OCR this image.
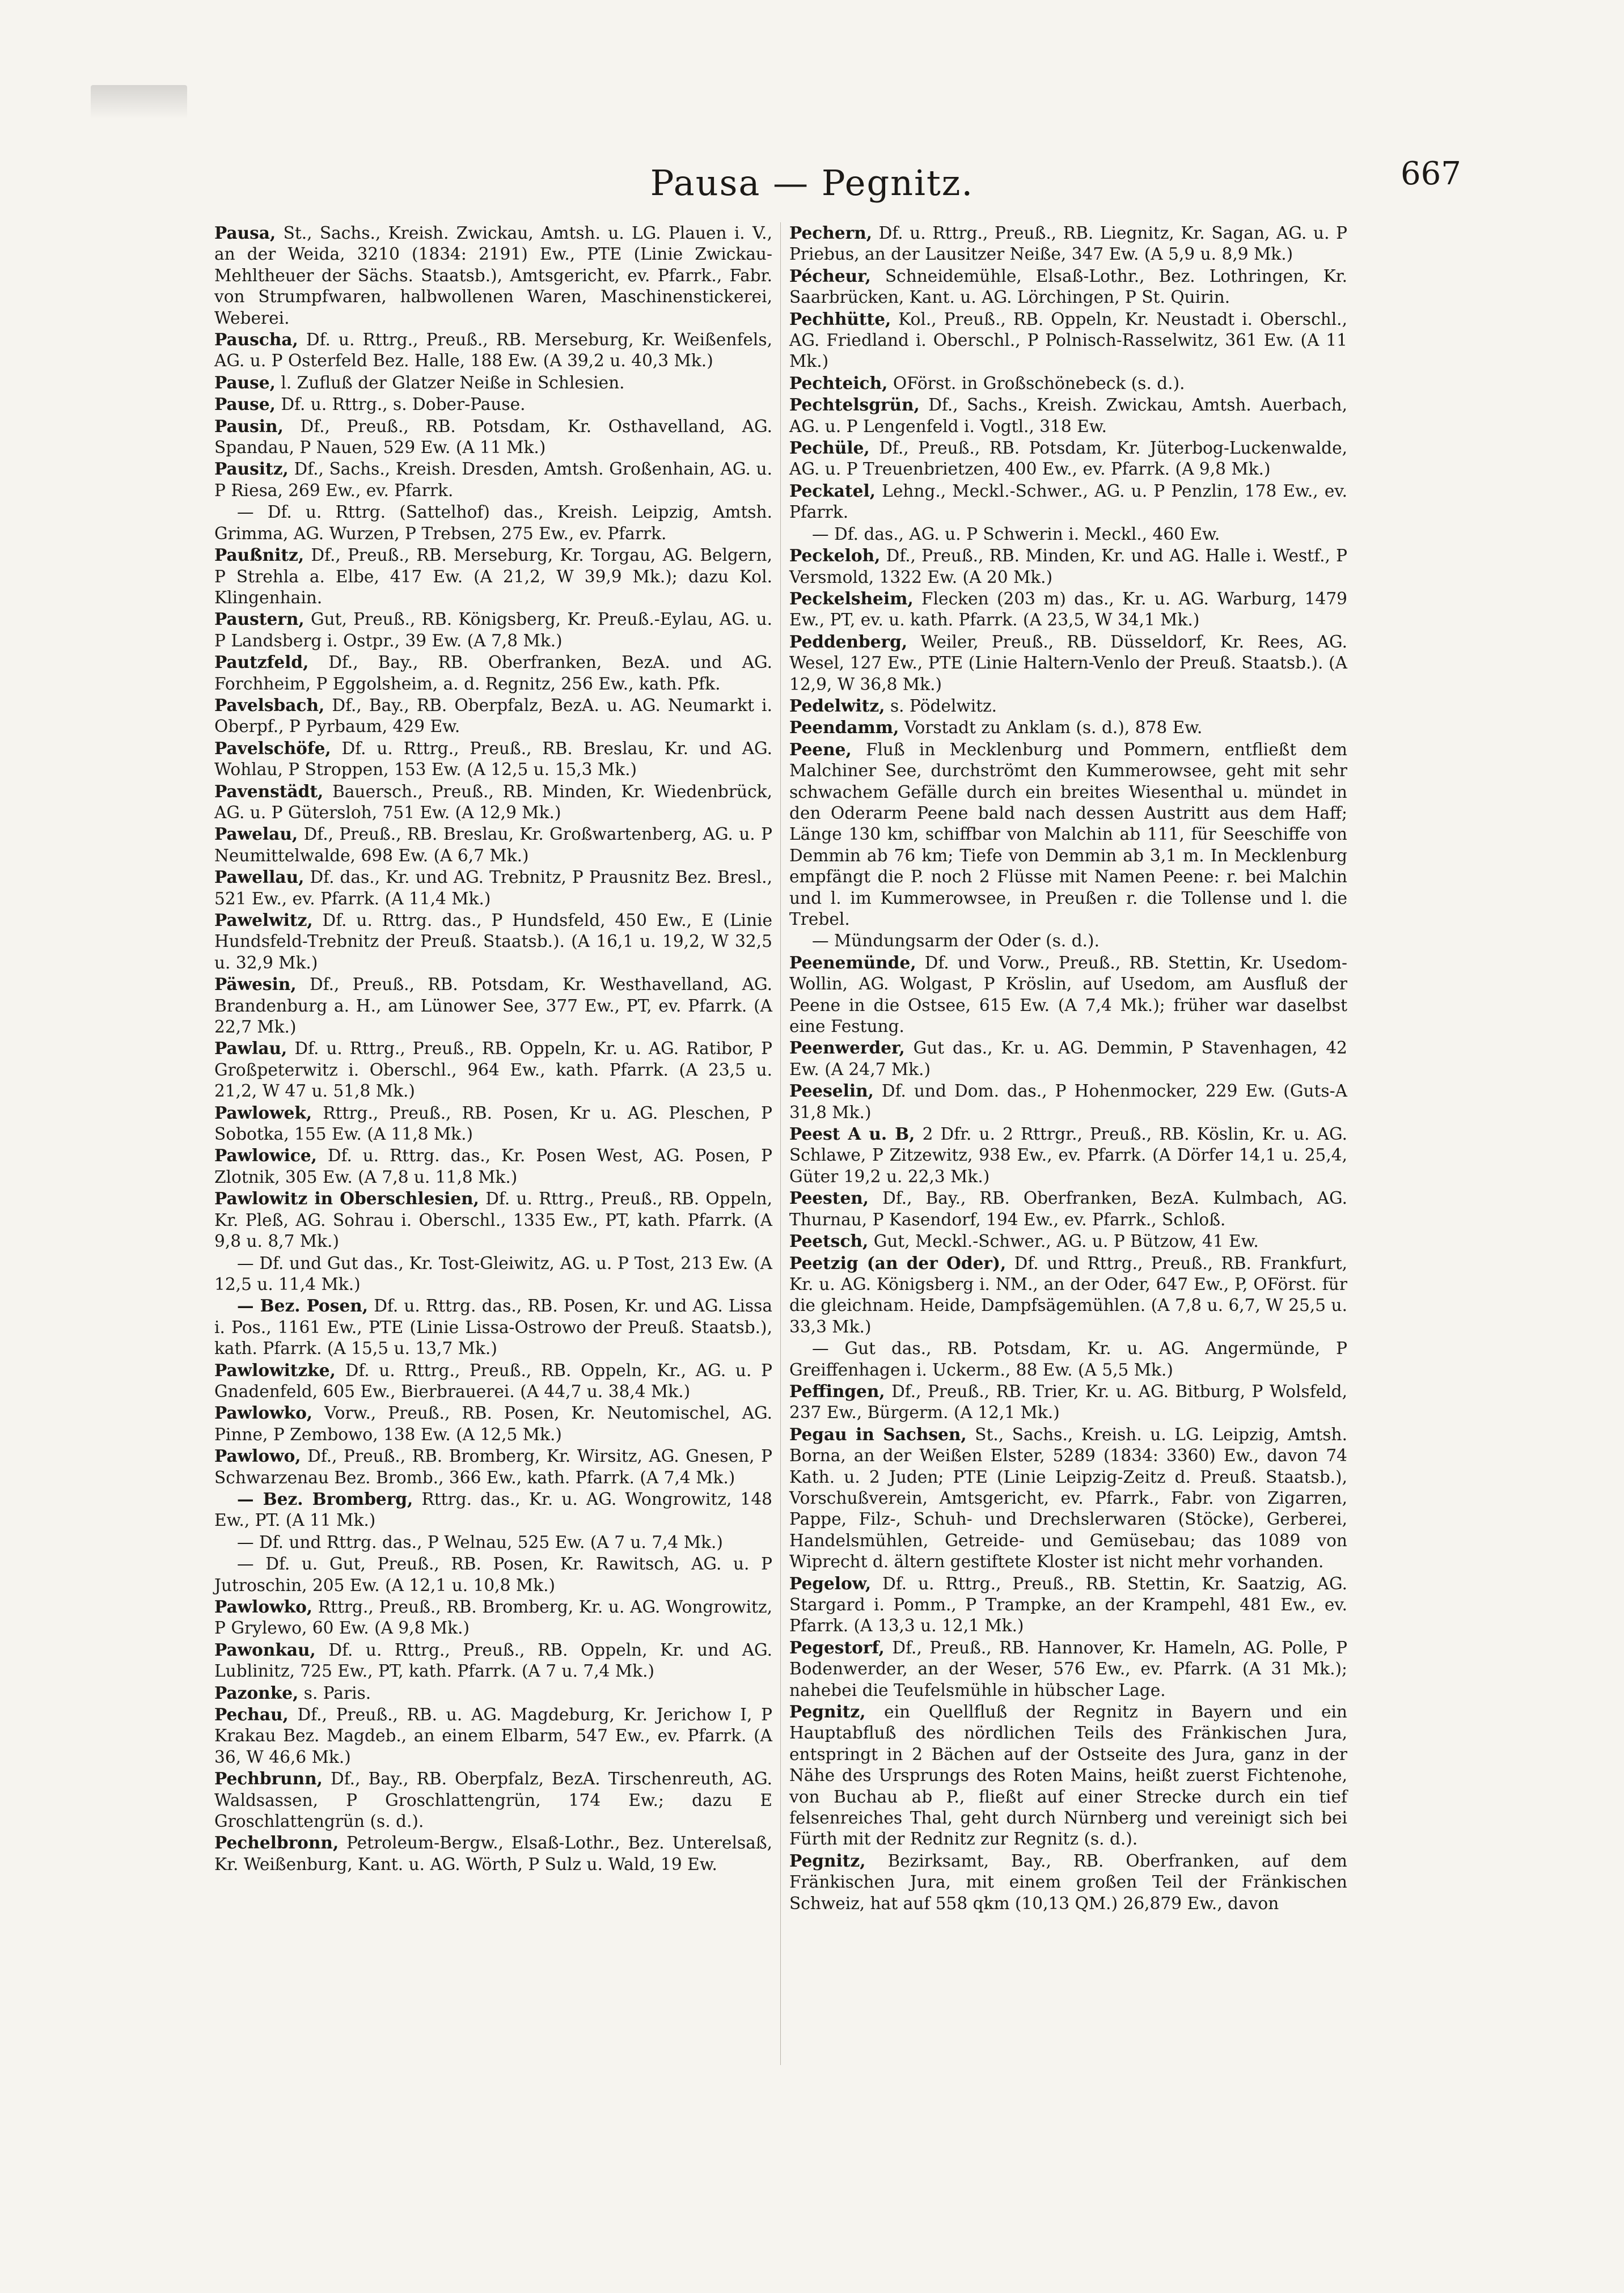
Pausa — Pegnitz.	667

Pausa, St., Sachs., Kreish. Zwickau, Amtsh. u. LG. Plauen i. V., an der Weida, 3210 (1834: 2191) Ew., PTE (Linie Zwickau-Mehltheuer der Sächs. Staatsb.), Amtsgericht, ev. Pfarrk., Fabr. von Strumpfwaren, halbwollenen Waren, Maschinenstickerei, Weberei.

Pauscha, Df. u. Rttrg., Preuß., RB. Merseburg, Kr. Weißenfels, AG. u. P Osterfeld Bez. Halle, 188 Ew. (A 39,2 u. 40,3 Mk.)

Pause, l. Zufluß der Glatzer Neiße in Schlesien.

Pause, Df. u. Rttrg., s. Dober-Pause.

Pausin, Df., Preuß., RB. Potsdam, Kr. Osthavelland, AG. Spandau, P Nauen, 529 Ew. (A 11 Mk.)

Pausitz, Df., Sachs., Kreish. Dresden, Amtsh. Großenhain, AG. u. P Riesa, 269 Ew., ev. Pfarrk.

— Df. u. Rttrg. (Sattelhof) das., Kreish. Leipzig, Amtsh. Grimma, AG. Wurzen, P Trebsen, 275 Ew., ev. Pfarrk.

Paußnitz, Df., Preuß., RB. Merseburg, Kr. Torgau, AG. Belgern, P Strehla a. Elbe, 417 Ew. (A 21,2, W 39,9 Mk.); dazu Kol. Klingenhain.

Paustern, Gut, Preuß., RB. Königsberg, Kr. Preuß.-Eylau, AG. u. P Landsberg i. Ostpr., 39 Ew. (A 7,8 Mk.)

Pautzfeld, Df., Bay., RB. Oberfranken, BezA. und AG. Forchheim, P Eggolsheim, a. d. Regnitz, 256 Ew., kath. Pfk.

Pavelsbach, Df., Bay., RB. Oberpfalz, BezA. u. AG. Neumarkt i. Oberpf., P Pyrbaum, 429 Ew.

Pavelschöfe, Df. u. Rttrg., Preuß., RB. Breslau, Kr. und AG. Wohlau, P Stroppen, 153 Ew. (A 12,5 u. 15,3 Mk.)

Pavenstädt, Bauersch., Preuß., RB. Minden, Kr. Wiedenbrück, AG. u. P Gütersloh, 751 Ew. (A 12,9 Mk.)

Pawelau, Df., Preuß., RB. Breslau, Kr. Großwartenberg, AG. u. P Neumittelwalde, 698 Ew. (A 6,7 Mk.)

Pawellau, Df. das., Kr. und AG. Trebnitz, P Prausnitz Bez. Bresl., 521 Ew., ev. Pfarrk. (A 11,4 Mk.)

Pawelwitz, Df. u. Rttrg. das., P Hundsfeld, 450 Ew., E (Linie Hundsfeld-Trebnitz der Preuß. Staatsb.). (A 16,1 u. 19,2, W 32,5 u. 32,9 Mk.)

Päwesin, Df., Preuß., RB. Potsdam, Kr. Westhavelland, AG. Brandenburg a. H., am Lünower See, 377 Ew., PT, ev. Pfarrk. (A 22,7 Mk.)

Pawlau, Df. u. Rttrg., Preuß., RB. Oppeln, Kr. u. AG. Ratibor, P Großpeterwitz i. Oberschl., 964 Ew., kath. Pfarrk. (A 23,5 u. 21,2, W 47 u. 51,8 Mk.)

Pawlowek, Rttrg., Preuß., RB. Posen, Kr u. AG. Pleschen, P Sobotka, 155 Ew. (A 11,8 Mk.)

Pawlowice, Df. u. Rttrg. das., Kr. Posen West, AG. Posen, P Zlotnik, 305 Ew. (A 7,8 u. 11,8 Mk.)

Pawlowitz in Oberschlesien, Df. u. Rttrg., Preuß., RB. Oppeln, Kr. Pleß, AG. Sohrau i. Oberschl., 1335 Ew., PT, kath. Pfarrk. (A 9,8 u. 8,7 Mk.)

— Df. und Gut das., Kr. Tost-Gleiwitz, AG. u. P Tost, 213 Ew. (A 12,5 u. 11,4 Mk.)

— Bez. Posen, Df. u. Rttrg. das., RB. Posen, Kr. und AG. Lissa i. Pos., 1161 Ew., PTE (Linie Lissa-Ostrowo der Preuß. Staatsb.), kath. Pfarrk. (A 15,5 u. 13,7 Mk.)

Pawlowitzke, Df. u. Rttrg., Preuß., RB. Oppeln, Kr., AG. u. P Gnadenfeld, 605 Ew., Bierbrauerei. (A 44,7 u. 38,4 Mk.)

Pawlowko, Vorw., Preuß., RB. Posen, Kr. Neutomischel, AG. Pinne, P Zembowo, 138 Ew. (A 12,5 Mk.)

Pawlowo, Df., Preuß., RB. Bromberg, Kr. Wirsitz, AG. Gnesen, P Schwarzenau Bez. Bromb., 366 Ew., kath. Pfarrk. (A 7,4 Mk.)

— Bez. Bromberg, Rttrg. das., Kr. u. AG. Wongrowitz, 148 Ew., PT. (A 11 Mk.)

— Df. und Rttrg. das., P Welnau, 525 Ew. (A 7 u. 7,4 Mk.)

— Df. u. Gut, Preuß., RB. Posen, Kr. Rawitsch, AG. u. P Jutroschin, 205 Ew. (A 12,1 u. 10,8 Mk.)

Pawlowko, Rttrg., Preuß., RB. Bromberg, Kr. u. AG. Wongrowitz, P Grylewo, 60 Ew. (A 9,8 Mk.)

Pawonkau, Df. u. Rttrg., Preuß., RB. Oppeln, Kr. und AG. Lublinitz, 725 Ew., PT, kath. Pfarrk. (A 7 u. 7,4 Mk.)

Pazonke, s. Paris.

Pechau, Df., Preuß., RB. u. AG. Magdeburg, Kr. Jerichow I, P Krakau Bez. Magdeb., an einem Elbarm, 547 Ew., ev. Pfarrk. (A 36, W 46,6 Mk.)

Pechbrunn, Df., Bay., RB. Oberpfalz, BezA. Tirschenreuth, AG. Waldsassen, P Groschlattengrün, 174 Ew.; dazu E Groschlattengrün (s. d.).

Pechelbronn, Petroleum-Bergw., Elsaß-Lothr., Bez. Unterelsaß, Kr. Weißenburg, Kant. u. AG. Wörth, P Sulz u. Wald, 19 Ew.

Pechern, Df. u. Rttrg., Preuß., RB. Liegnitz, Kr. Sagan, AG. u. P Priebus, an der Lausitzer Neiße, 347 Ew. (A 5,9 u. 8,9 Mk.)

Pécheur, Schneidemühle, Elsaß-Lothr., Bez. Lothringen, Kr. Saarbrücken, Kant. u. AG. Lörchingen, P St. Quirin.

Pechhütte, Kol., Preuß., RB. Oppeln, Kr. Neustadt i. Oberschl., AG. Friedland i. Oberschl., P Polnisch-Rasselwitz, 361 Ew. (A 11 Mk.)

Pechteich, OFörst. in Großschönebeck (s. d.).

Pechtelsgrün, Df., Sachs., Kreish. Zwickau, Amtsh. Auerbach, AG. u. P Lengenfeld i. Vogtl., 318 Ew.

Pechüle, Df., Preuß., RB. Potsdam, Kr. Jüterbog-Luckenwalde, AG. u. P Treuenbrietzen, 400 Ew., ev. Pfarrk. (A 9,8 Mk.)

Peckatel, Lehng., Meckl.-Schwer., AG. u. P Penzlin, 178 Ew., ev. Pfarrk.

— Df. das., AG. u. P Schwerin i. Meckl., 460 Ew.

Peckeloh, Df., Preuß., RB. Minden, Kr. und AG. Halle i. Westf., P Versmold, 1322 Ew. (A 20 Mk.)

Peckelsheim, Flecken (203 m) das., Kr. u. AG. Warburg, 1479 Ew., PT, ev. u. kath. Pfarrk. (A 23,5, W 34,1 Mk.)

Peddenberg, Weiler, Preuß., RB. Düsseldorf, Kr. Rees, AG. Wesel, 127 Ew., PTE (Linie Haltern-Venlo der Preuß. Staatsb.). (A 12,9, W 36,8 Mk.)

Pedelwitz, s. Pödelwitz.

Peendamm, Vorstadt zu Anklam (s. d.), 878 Ew.

Peene, Fluß in Mecklenburg und Pommern, entfließt dem Malchiner See, durchströmt den Kummerowsee, geht mit sehr schwachem Gefälle durch ein breites Wiesenthal u. mündet in den Oderarm Peene bald nach dessen Austritt aus dem Haff; Länge 130 km, schiffbar von Malchin ab 111, für Seeschiffe von Demmin ab 76 km; Tiefe von Demmin ab 3,1 m. In Mecklenburg empfängt die P. noch 2 Flüsse mit Namen Peene: r. bei Malchin und l. im Kummerowsee, in Preußen r. die Tollense und l. die Trebel.

— Mündungsarm der Oder (s. d.).

Peenemünde, Df. und Vorw., Preuß., RB. Stettin, Kr. Usedom-Wollin, AG. Wolgast, P Kröslin, auf Usedom, am Ausfluß der Peene in die Ostsee, 615 Ew. (A 7,4 Mk.); früher war daselbst eine Festung.

Peenwerder, Gut das., Kr. u. AG. Demmin, P Stavenhagen, 42 Ew. (A 24,7 Mk.)

Peeselin, Df. und Dom. das., P Hohenmocker, 229 Ew. (Guts-A 31,8 Mk.)

Peest A u. B, 2 Dfr. u. 2 Rttrgr., Preuß., RB. Köslin, Kr. u. AG. Schlawe, P Zitzewitz, 938 Ew., ev. Pfarrk. (A Dörfer 14,1 u. 25,4, Güter 19,2 u. 22,3 Mk.)

Peesten, Df., Bay., RB. Oberfranken, BezA. Kulmbach, AG. Thurnau, P Kasendorf, 194 Ew., ev. Pfarrk., Schloß.

Peetsch, Gut, Meckl.-Schwer., AG. u. P Bützow, 41 Ew.

Peetzig (an der Oder), Df. und Rttrg., Preuß., RB. Frankfurt, Kr. u. AG. Königsberg i. NM., an der Oder, 647 Ew., P, OFörst. für die gleichnam. Heide, Dampfsägemühlen. (A 7,8 u. 6,7, W 25,5 u. 33,3 Mk.)

— Gut das., RB. Potsdam, Kr. u. AG. Angermünde, P Greiffenhagen i. Uckerm., 88 Ew. (A 5,5 Mk.)

Peffingen, Df., Preuß., RB. Trier, Kr. u. AG. Bitburg, P Wolsfeld, 237 Ew., Bürgerm. (A 12,1 Mk.)

Pegau in Sachsen, St., Sachs., Kreish. u. LG. Leipzig, Amtsh. Borna, an der Weißen Elster, 5289 (1834: 3360) Ew., davon 74 Kath. u. 2 Juden; PTE (Linie Leipzig-Zeitz d. Preuß. Staatsb.), Vorschußverein, Amtsgericht, ev. Pfarrk., Fabr. von Zigarren, Pappe, Filz-, Schuh- und Drechslerwaren (Stöcke), Gerberei, Handelsmühlen, Getreide- und Gemüsebau; das 1089 von Wiprecht d. ältern gestiftete Kloster ist nicht mehr vorhanden.

Pegelow, Df. u. Rttrg., Preuß., RB. Stettin, Kr. Saatzig, AG. Stargard i. Pomm., P Trampke, an der Krampehl, 481 Ew., ev. Pfarrk. (A 13,3 u. 12,1 Mk.)

Pegestorf, Df., Preuß., RB. Hannover, Kr. Hameln, AG. Polle, P Bodenwerder, an der Weser, 576 Ew., ev. Pfarrk. (A 31 Mk.); nahebei die Teufelsmühle in hübscher Lage.

Pegnitz, ein Quellfluß der Regnitz in Bayern und ein Hauptabfluß des nördlichen Teils des Fränkischen Jura, entspringt in 2 Bächen auf der Ostseite des Jura, ganz in der Nähe des Ursprungs des Roten Mains, heißt zuerst Fichtenohe, von Buchau ab P., fließt auf einer Strecke durch ein tief felsenreiches Thal, geht durch Nürnberg und vereinigt sich bei Fürth mit der Rednitz zur Regnitz (s. d.).

Pegnitz, Bezirksamt, Bay., RB. Oberfranken, auf dem Fränkischen Jura, mit einem großen Teil der Fränkischen Schweiz, hat auf 558 qkm (10,13 QM.) 26,879 Ew., davon
